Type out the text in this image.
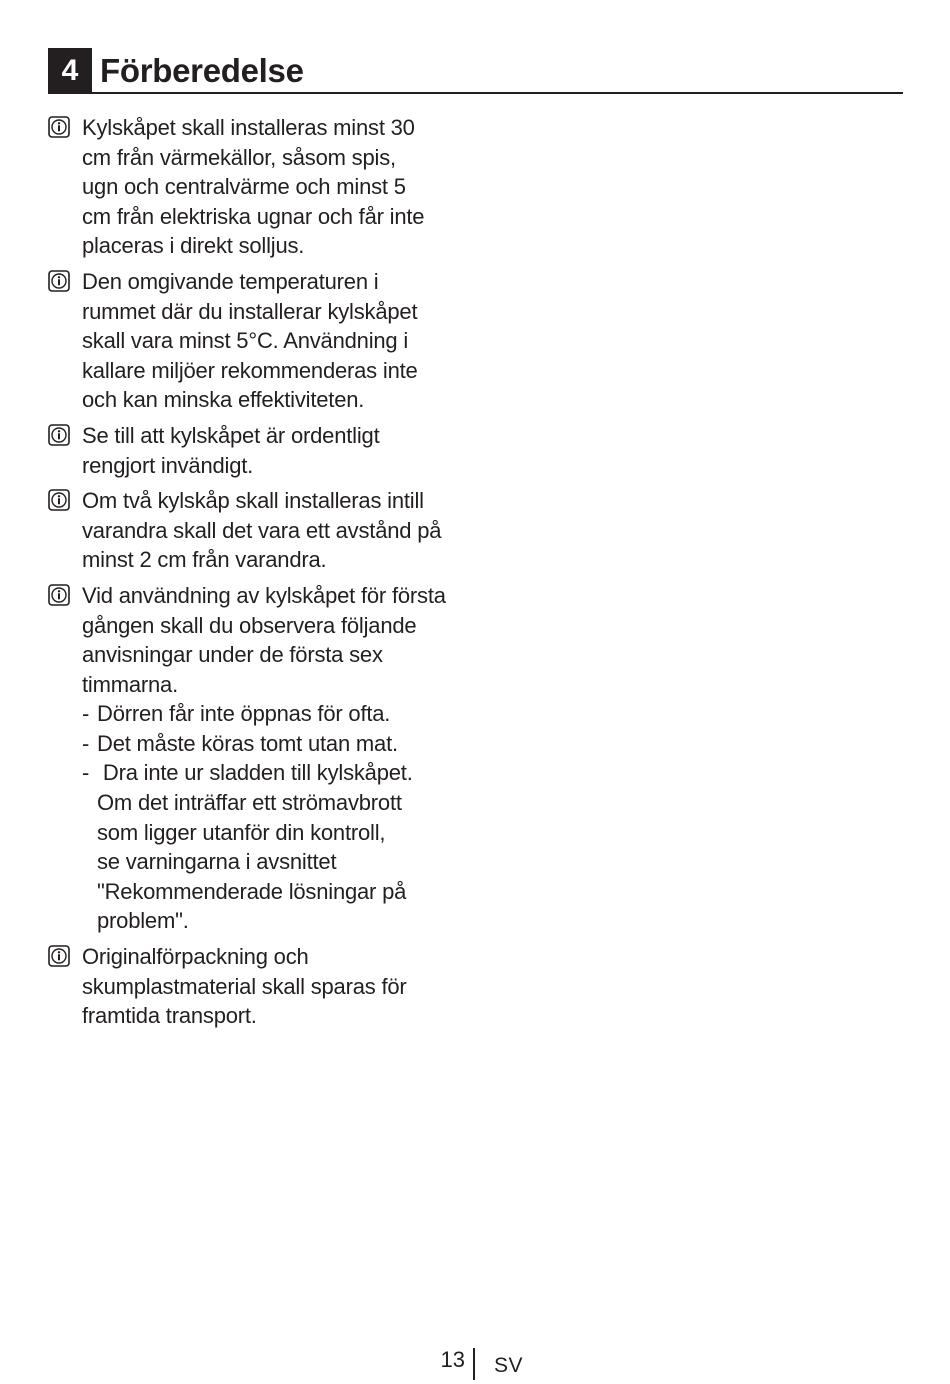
4 Förberedelse
Kylskåpet skall installeras minst 30
cm från värmekällor, såsom spis,
ugn och centralvärme och minst 5
cm från elektriska ugnar och får inte
placeras i direkt solljus.
Den omgivande temperaturen i
rummet där du installerar kylskåpet
skall vara minst 5°C. Användning i
kallare miljöer rekommenderas inte
och kan minska effektiviteten.
Se till att kylskåpet är ordentligt
rengjort invändigt.
Om två kylskåp skall installeras intill
varandra skall det vara ett avstånd på
minst 2 cm från varandra.
Vid användning av kylskåpet för första
gången skall du observera följande
anvisningar under de första sex
timmarna.
- Dörren får inte öppnas för ofta.
- Det måste köras tomt utan mat.
- Dra inte ur sladden till kylskåpet.
Om det inträffar ett strömavbrott
som ligger utanför din kontroll,
se varningarna i avsnittet
"Rekommenderade lösningar på
problem".
Originalförpackning och
skumplastmaterial skall sparas för
framtida transport.
13 SV
